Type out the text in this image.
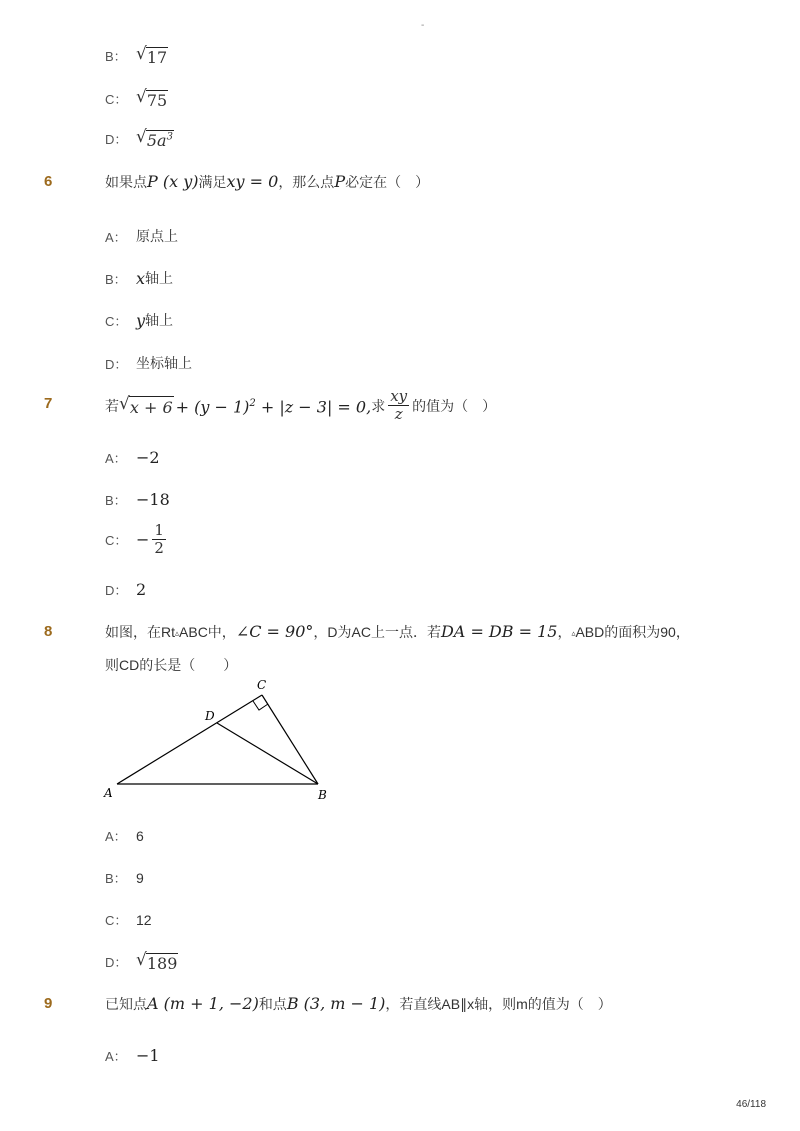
-
B： √ 17
C： √ 75
D： √ $5a^3$
6	如果点P (x y)满足xy = 0，那么点P必定在（　）
A： 原点上
B： x 轴上
C： y 轴上
D： 坐标轴上
7	若 √ $x + 6 + (y - 1)^2 + |z - 3| = 0$, 求 $\frac{xy}{z}$ 的值为（　）
A： −2
B： −18
C： − $\frac{1}{2}$
D： 2
8	如图，在Rt▵ABC中，∠C = 90°，D为AC上一点．若DA = DB = 15，▵ABD的面积为90，
则CD的长是（　　）
A	B
C
D
A： 6
B： 9
C： 12
D： √ 189
9	已知点A (m + 1, −2)和点B (3, m − 1)，若直线AB∥x轴，则m的值为（　）
A： −1
46/118
